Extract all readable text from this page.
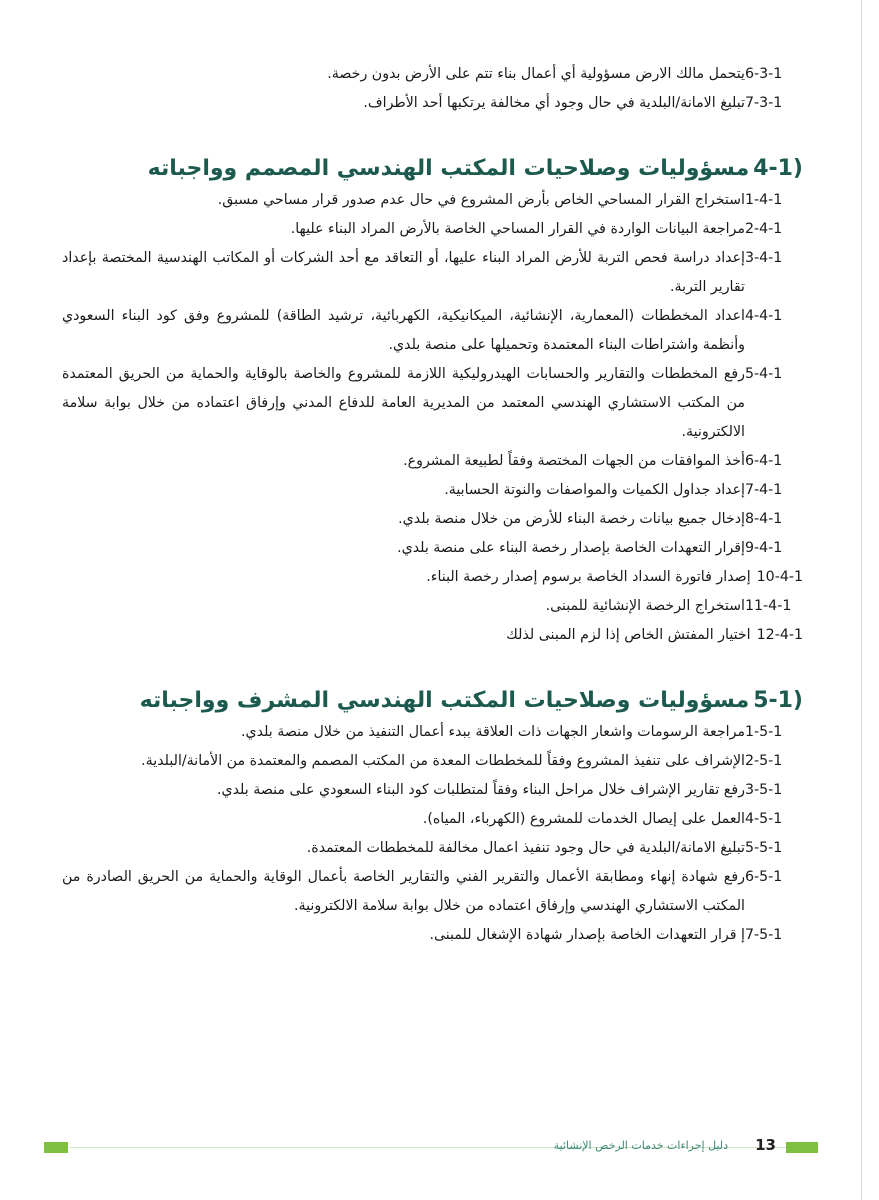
6-3-1
يتحمل مالك الارض مسؤولية أي أعمال بناء تتم على الأرض بدون رخصة.
7-3-1
تبليغ الامانة/البلدية في حال وجود أي مخالفة يرتكبها أحد الأطراف.
4-1)
مسؤوليات وصلاحيات المكتب الهندسي المصمم وواجباته
1-4-1
استخراج القرار المساحي الخاص بأرض المشروع في حال عدم صدور قرار مساحي مسبق.
2-4-1
مراجعة البيانات الواردة في القرار المساحي الخاصة بالأرض المراد البناء عليها.
3-4-1
إعداد دراسة فحص التربة للأرض المراد البناء عليها، أو التعاقد مع أحد الشركات أو المكاتب الهندسية المختصة بإعداد تقارير التربة.
4-4-1
اعداد المخططات (المعمارية، الإنشائية، الميكانيكية، الكهربائية، ترشيد الطاقة) للمشروع وفق كود البناء السعودي وأنظمة واشتراطات البناء المعتمدة وتحميلها على منصة بلدي.
5-4-1
رفع المخططات والتقارير والحسابات الهيدروليكية اللازمة للمشروع والخاصة بالوقاية والحماية من الحريق المعتمدة من المكتب الاستشاري الهندسي المعتمد من المديرية العامة للدفاع المدني وإرفاق اعتماده من خلال بوابة سلامة الالكترونية.
6-4-1
أخذ الموافقات من الجهات المختصة وفقاً لطبيعة المشروع.
7-4-1
إعداد جداول الكميات والمواصفات والنوتة الحسابية.
8-4-1
إدخال جميع بيانات رخصة البناء للأرض من خلال منصة بلدي.
9-4-1
إقرار التعهدات الخاصة بإصدار رخصة البناء على منصة بلدي.
10-4-1
إصدار فاتورة السداد الخاصة برسوم إصدار رخصة البناء.
11-4-1
استخراج الرخصة الإنشائية للمبنى.
12-4-1
اختيار المفتش الخاص إذا لزم المبنى لذلك
5-1)
مسؤوليات وصلاحيات المكتب الهندسي المشرف وواجباته
1-5-1
مراجعة الرسومات واشعار الجهات ذات العلاقة ببدء أعمال التنفيذ من خلال منصة بلدي.
2-5-1
الإشراف على تنفيذ المشروع وفقاً للمخططات المعدة من المكتب المصمم والمعتمدة من الأمانة/البلدية.
3-5-1
رفع تقارير الإشراف خلال مراحل البناء وفقاً لمتطلبات كود البناء السعودي على منصة بلدي.
4-5-1
العمل على إيصال الخدمات للمشروع (الكهرباء، المياه).
5-5-1
تبليغ الامانة/البلدية في حال وجود تنفيذ اعمال مخالفة للمخططات المعتمدة.
6-5-1
رفع شهادة إنهاء ومطابقة الأعمال والتقرير الفني والتقارير الخاصة بأعمال الوقاية والحماية من الحريق الصادرة من المكتب الاستشاري الهندسي وإرفاق اعتماده من خلال بوابة سلامة الالكترونية.
7-5-1
إ قرار التعهدات الخاصة بإصدار شهادة الإشغال للمبنى.
13
دليل إجراءات خدمات الرخص الإنشائية
